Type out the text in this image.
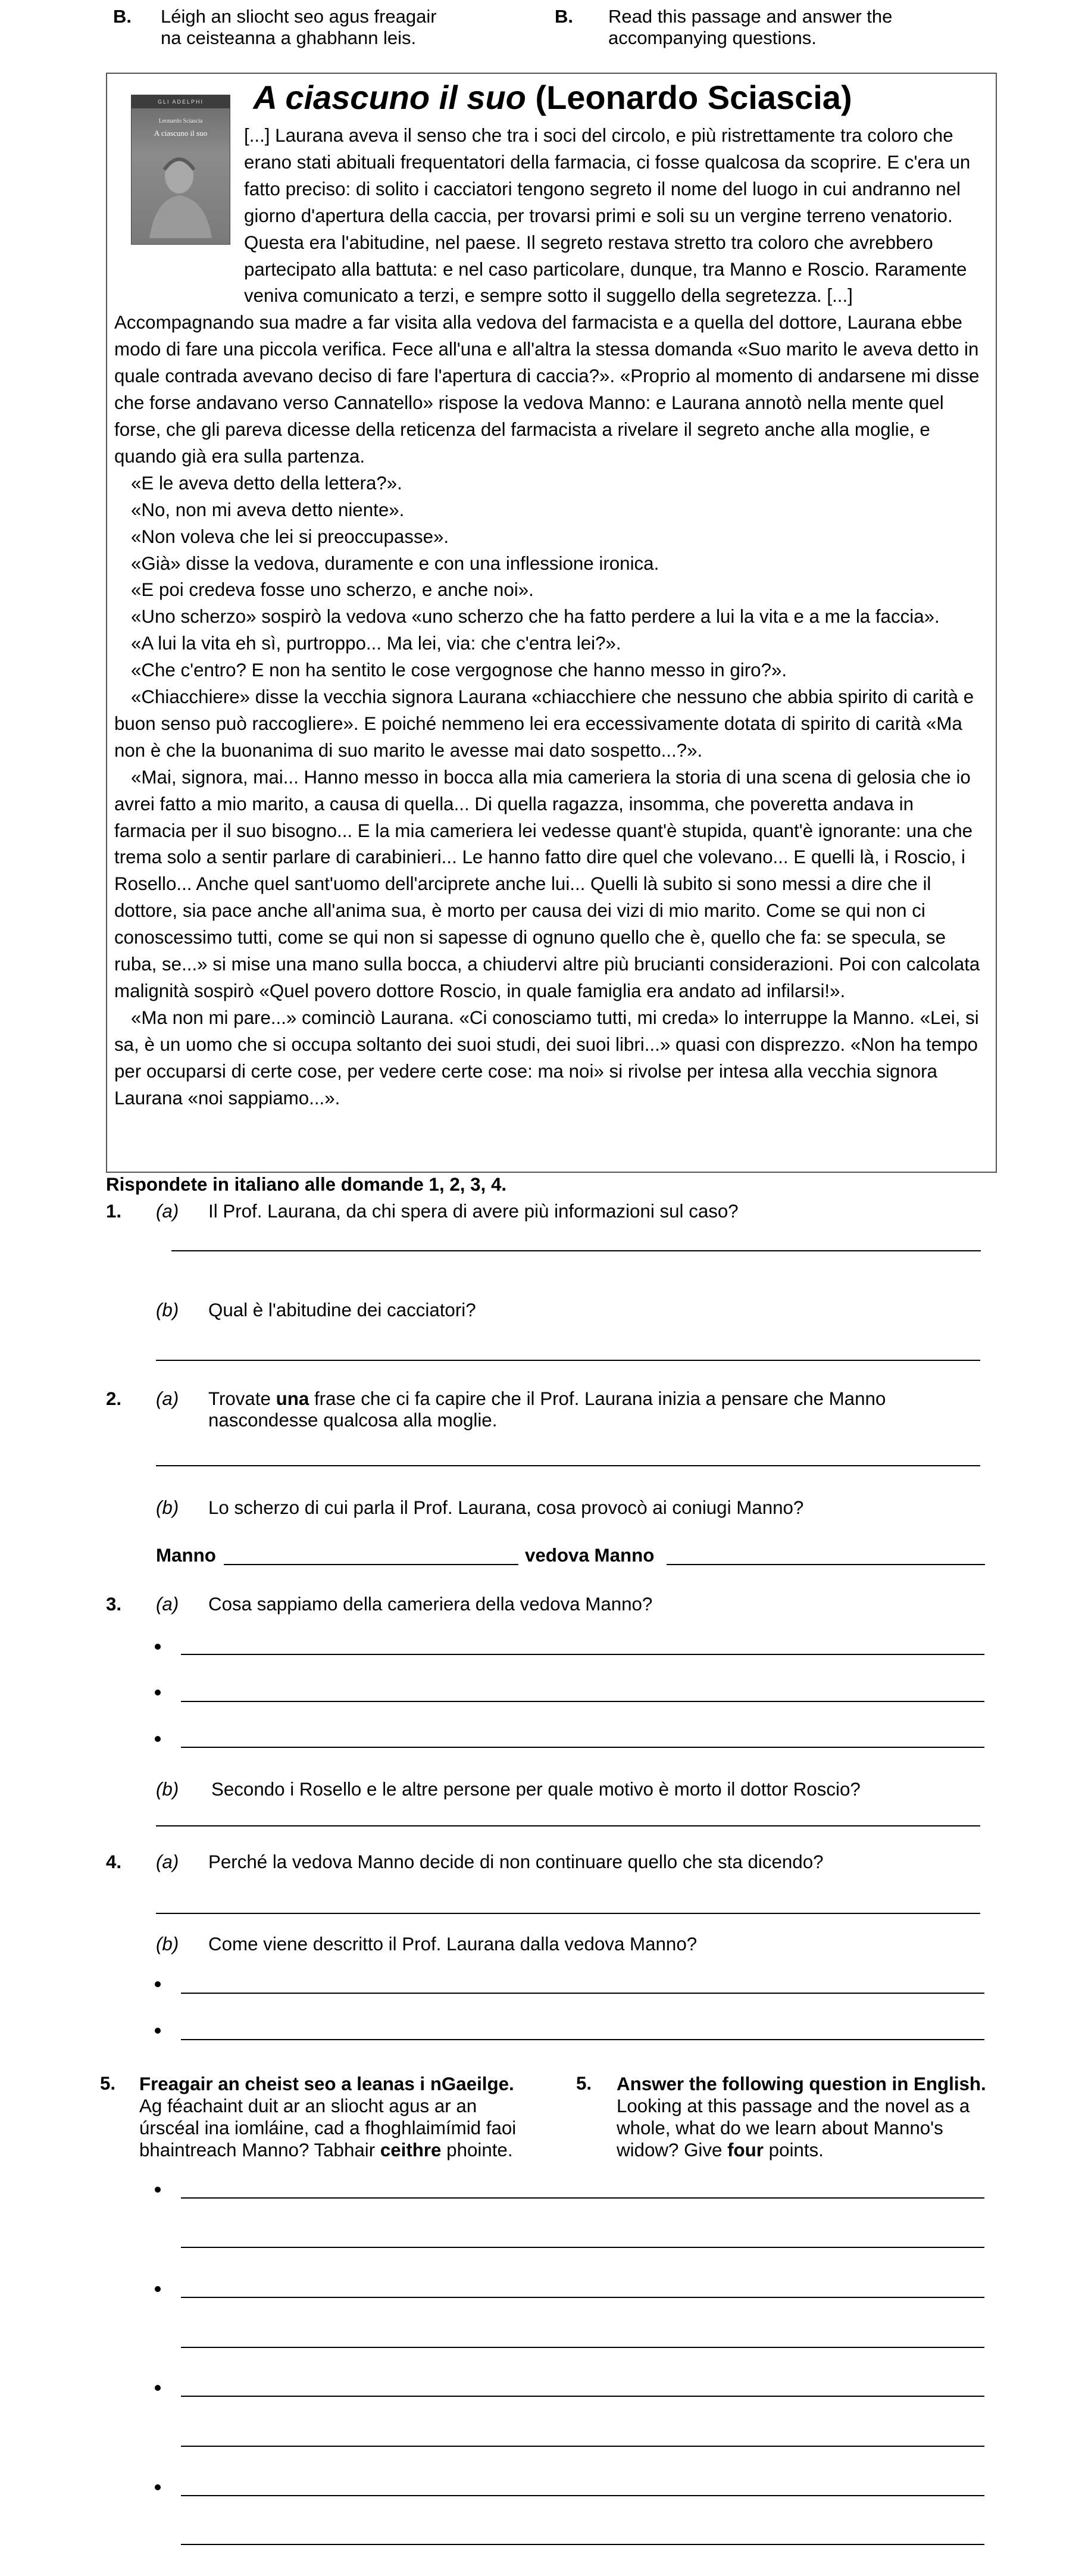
B. Léigh an sliocht seo agus freagair
na ceisteanna a ghabhann leis.
B. Read this passage and answer the
accompanying questions.
A ciascuno il suo (Leonardo Sciascia)
GLI ADELPHI
Leonardo Sciascia
A ciascuno il suo	[...] Laurana aveva il senso che tra i soci del circolo, e più ristrettamente tra coloro che erano stati abituali frequentatori della farmacia, ci fosse qualcosa da scoprire. E c'era un fatto preciso: di solito i cacciatori tengono segreto il nome del luogo in cui andranno nel giorno d'apertura della caccia, per trovarsi primi e soli su un vergine terreno venatorio. Questa era l'abitudine, nel paese. Il segreto restava stretto tra coloro che avrebbero partecipato alla battuta: e nel caso particolare, dunque, tra Manno e Roscio. Raramente veniva comunicato a terzi, e sempre sotto il suggello della segretezza. [...] Accompagnando sua madre a far visita alla vedova del farmacista e a quella del dottore, Laurana ebbe modo di fare una piccola verifica. Fece all'una e all'altra la stessa domanda «Suo marito le aveva detto in quale contrada avevano deciso di fare l'apertura di caccia?». «Proprio al momento di andarsene mi disse che forse andavano verso Cannatello» rispose la vedova Manno: e Laurana annotò nella mente quel forse, che gli pareva dicesse della reticenza del farmacista a rivelare il segreto anche alla moglie, e quando già era sulla partenza.

«E le aveva detto della lettera?».

«No, non mi aveva detto niente».

«Non voleva che lei si preoccupasse».

«Già» disse la vedova, duramente e con una inflessione ironica.

«E poi credeva fosse uno scherzo, e anche noi».

«Uno scherzo» sospirò la vedova «uno scherzo che ha fatto perdere a lui la vita e a me la faccia».

«A lui la vita eh sì, purtroppo... Ma lei, via: che c'entra lei?».

«Che c'entro? E non ha sentito le cose vergognose che hanno messo in giro?».

«Chiacchiere» disse la vecchia signora Laurana «chiacchiere che nessuno che abbia spirito di carità e buon senso può raccogliere». E poiché nemmeno lei era eccessivamente dotata di spirito di carità «Ma non è che la buonanima di suo marito le avesse mai dato sospetto...?».

«Mai, signora, mai... Hanno messo in bocca alla mia cameriera la storia di una scena di gelosia che io avrei fatto a mio marito, a causa di quella... Di quella ragazza, insomma, che poveretta andava in farmacia per il suo bisogno... E la mia cameriera lei vedesse quant'è stupida, quant'è ignorante: una che trema solo a sentir parlare di carabinieri... Le hanno fatto dire quel che volevano... E quelli là, i Roscio, i Rosello... Anche quel sant'uomo dell'arciprete anche lui... Quelli là subito si sono messi a dire che il dottore, sia pace anche all'anima sua, è morto per causa dei vizi di mio marito. Come se qui non ci conoscessimo tutti, come se qui non si sapesse di ognuno quello che è, quello che fa: se specula, se ruba, se...» si mise una mano sulla bocca, a chiudervi altre più brucianti considerazioni. Poi con calcolata malignità sospirò «Quel povero dottore Roscio, in quale famiglia era andato ad infilarsi!».

«Ma non mi pare...» cominciò Laurana. «Ci conosciamo tutti, mi creda» lo interruppe la Manno. «Lei, si sa, è un uomo che si occupa soltanto dei suoi studi, dei suoi libri...» quasi con disprezzo. «Non ha tempo per occuparsi di certe cose, per vedere certe cose: ma noi» si rivolse per intesa alla vecchia signora Laurana «noi sappiamo...».

Rispondete in italiano alle domande 1, 2, 3, 4.
1. (a) Il Prof. Laurana, da chi spera di avere più informazioni sul caso?
(b) Qual è l'abitudine dei cacciatori?
2. (a) Trovate una frase che ci fa capire che il Prof. Laurana inizia a pensare che Manno
nascondesse qualcosa alla moglie.
(b) Lo scherzo di cui parla il Prof. Laurana, cosa provocò ai coniugi Manno?
Manno	vedova Manno
3. (a) Cosa sappiamo della cameriera della vedova Manno?
(b) Secondo i Rosello e le altre persone per quale motivo è morto il dottor Roscio?
4. (a) Perché la vedova Manno decide di non continuare quello che sta dicendo?
(b) Come viene descritto il Prof. Laurana dalla vedova Manno?
5. Freagair an cheist seo a leanas i nGaeilge.
Ag féachaint duit ar an sliocht agus ar an
úrscéal ina iomláine, cad a fhoghlaimímid faoi
bhaintreach Manno? Tabhair ceithre phointe.
5. Answer the following question in English.
Looking at this passage and the novel as a
whole, what do we learn about Manno's
widow? Give four points.
